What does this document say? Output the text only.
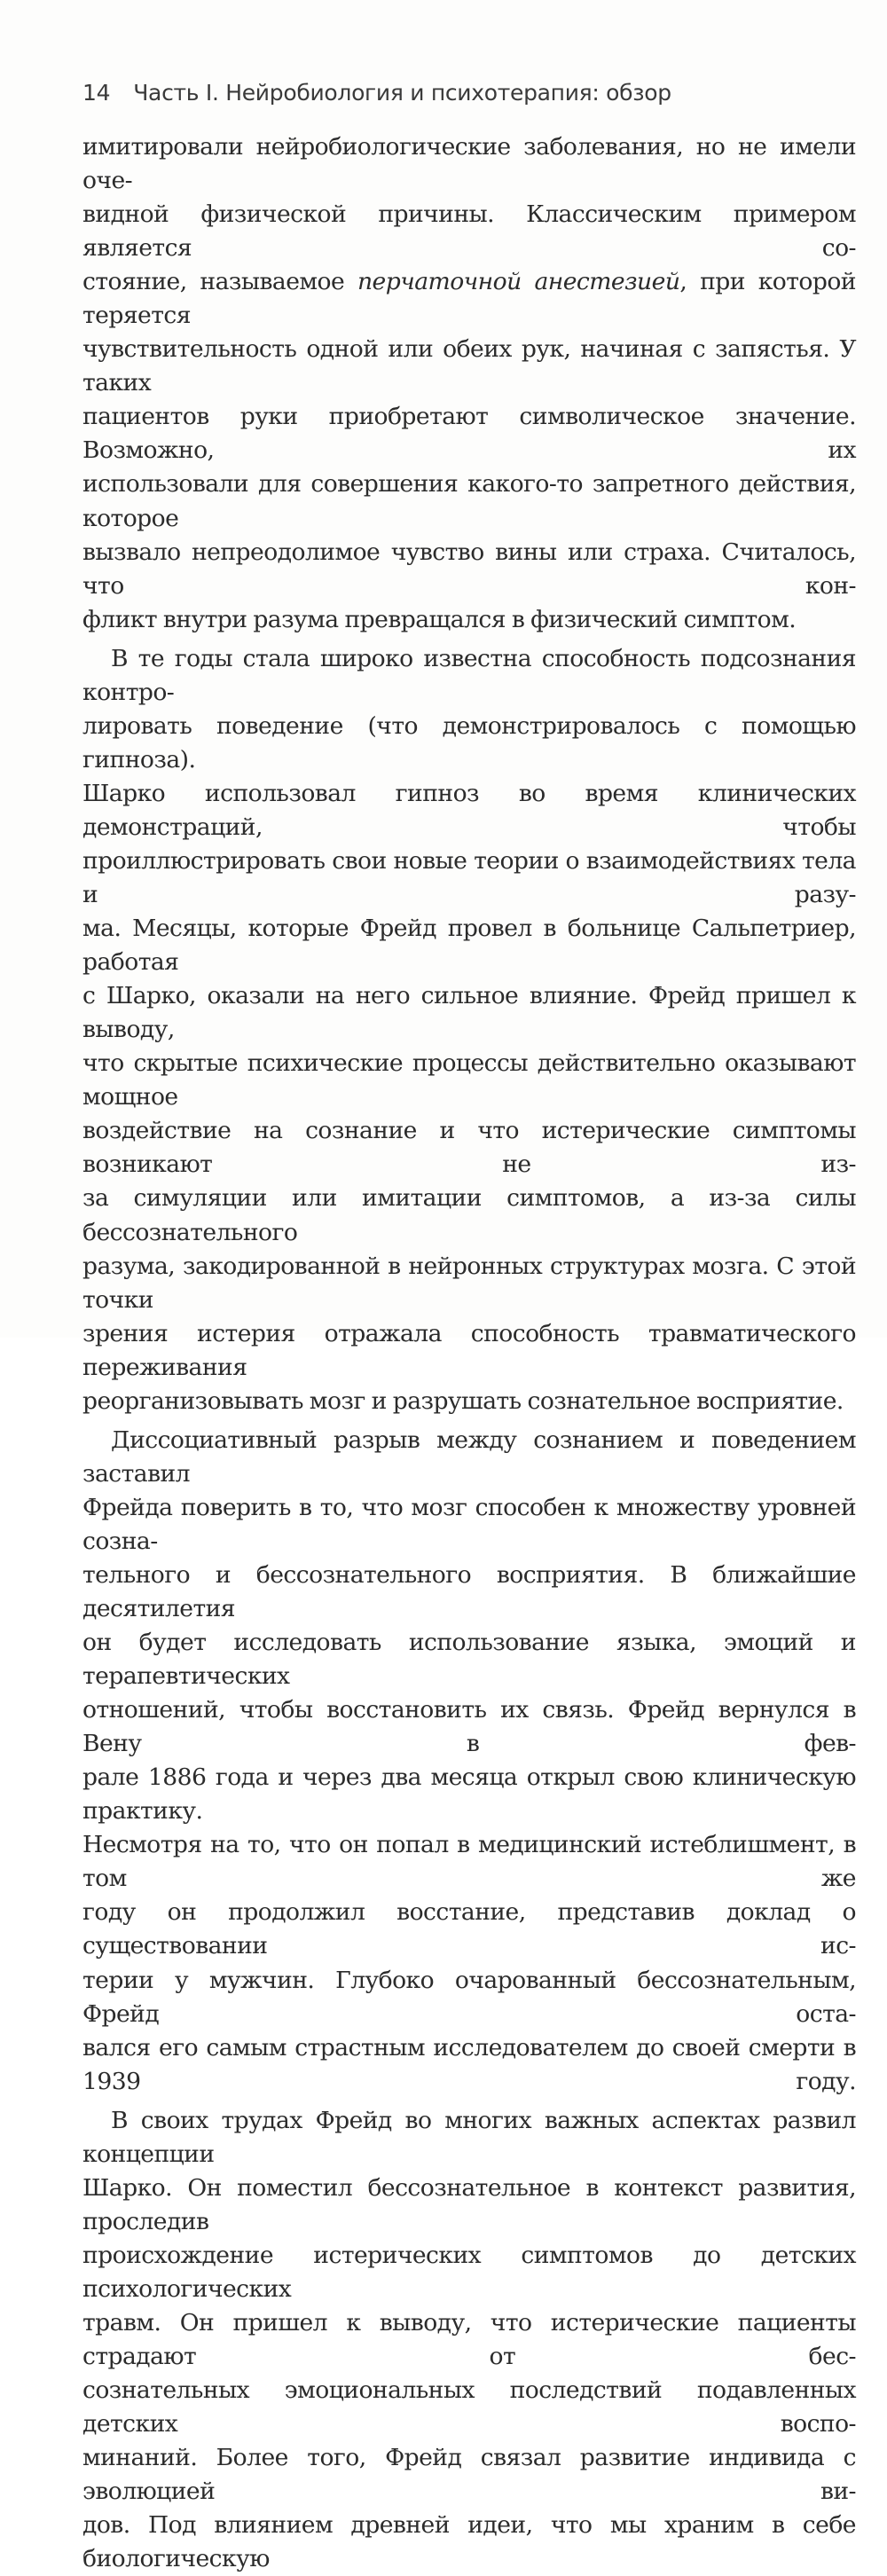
14 Часть I. Нейробиология и психотерапия: обзор

имитировали нейробиологические заболевания, но не имели оче-

видной физической причины. Классическим примером является со-

стояние, называемое перчаточной анестезией, при которой теряется

чувствительность одной или обеих рук, начиная с запястья. У таких

пациентов руки приобретают символическое значение. Возможно, их

использовали для совершения какого-то запретного действия, которое

вызвало непреодолимое чувство вины или страха. Считалось, что кон-

фликт внутри разума превращался в физический симптом.

В те годы стала широко известна способность подсознания контро-

лировать поведение (что демонстрировалось с помощью гипноза).

Шарко использовал гипноз во время клинических демонстраций, чтобы

проиллюстрировать свои новые теории о взаимодействиях тела и разу-

ма. Месяцы, которые Фрейд провел в больнице Сальпетриер, работая

с Шарко, оказали на него сильное влияние. Фрейд пришел к выводу,

что скрытые психические процессы действительно оказывают мощное

воздействие на сознание и что истерические симптомы возникают не из-

за симуляции или имитации симптомов, а из-за силы бессознательного

разума, закодированной в нейронных структурах мозга. С этой точки

зрения истерия отражала способность травматического переживания

реорганизовывать мозг и разрушать сознательное восприятие.

Диссоциативный разрыв между сознанием и поведением заставил

Фрейда поверить в то, что мозг способен к множеству уровней созна-

тельного и бессознательного восприятия. В ближайшие десятилетия

он будет исследовать использование языка, эмоций и терапевтических

отношений, чтобы восстановить их связь. Фрейд вернулся в Вену в фев-

рале 1886 года и через два месяца открыл свою клиническую практику.

Несмотря на то, что он попал в медицинский истеблишмент, в том же

году он продолжил восстание, представив доклад о существовании ис-

терии у мужчин. Глубоко очарованный бессознательным, Фрейд оста-

вался его самым страстным исследователем до своей смерти в 1939 году.

В своих трудах Фрейд во многих важных аспектах развил концепции

Шарко. Он поместил бессознательное в контекст развития, проследив

происхождение истерических симптомов до детских психологических

травм. Он пришел к выводу, что истерические пациенты страдают от бес-

сознательных эмоциональных последствий подавленных детских воспо-

минаний. Более того, Фрейд связал развитие индивида с эволюцией ви-

дов. Под влиянием древней идеи, что мы храним в себе биологическую
